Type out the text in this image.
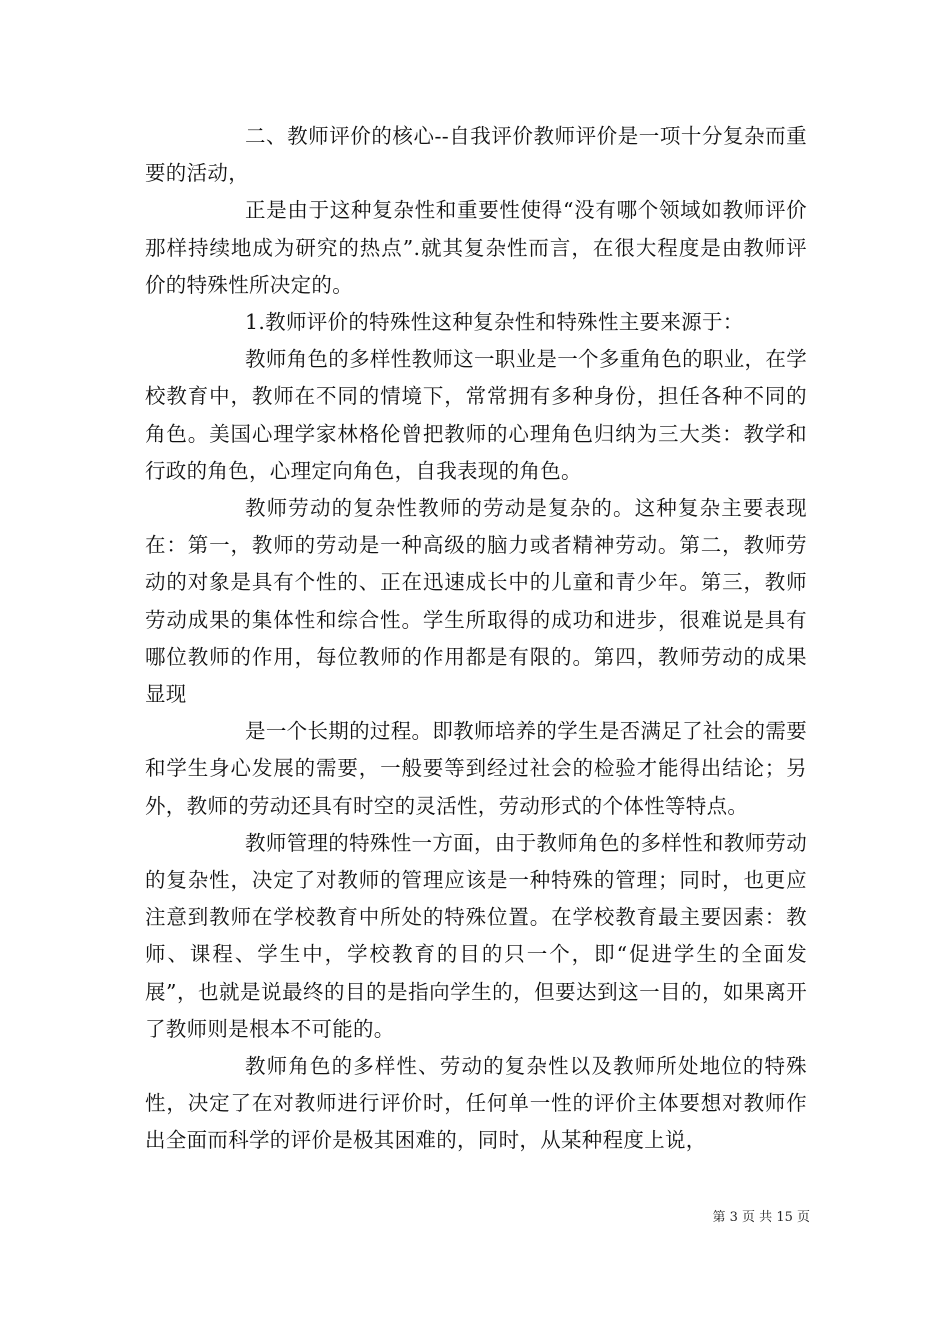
二、教师评价的核心--自我评价教师评价是一项十分复杂而重要的活动，

正是由于这种复杂性和重要性使得“没有哪个领域如教师评价那样持续地成为研究的热点”.就其复杂性而言，在很大程度是由教师评价的特殊性所决定的。

1.教师评价的特殊性这种复杂性和特殊性主要来源于：

教师角色的多样性教师这一职业是一个多重角色的职业，在学校教育中，教师在不同的情境下，常常拥有多种身份，担任各种不同的角色。美国心理学家林格伦曾把教师的心理角色归纳为三大类：教学和行政的角色，心理定向角色，自我表现的角色。

教师劳动的复杂性教师的劳动是复杂的。这种复杂主要表现在：第一，教师的劳动是一种高级的脑力或者精神劳动。第二，教师劳动的对象是具有个性的、正在迅速成长中的儿童和青少年。第三，教师劳动成果的集体性和综合性。学生所取得的成功和进步，很难说是具有哪位教师的作用，每位教师的作用都是有限的。第四，教师劳动的成果显现

是一个长期的过程。即教师培养的学生是否满足了社会的需要和学生身心发展的需要，一般要等到经过社会的检验才能得出结论；另外，教师的劳动还具有时空的灵活性，劳动形式的个体性等特点。

教师管理的特殊性一方面，由于教师角色的多样性和教师劳动的复杂性，决定了对教师的管理应该是一种特殊的管理；同时，也更应注意到教师在学校教育中所处的特殊位置。在学校教育最主要因素：教师、课程、学生中，学校教育的目的只一个，即“促进学生的全面发展”，也就是说最终的目的是指向学生的，但要达到这一目的，如果离开了教师则是根本不可能的。

教师角色的多样性、劳动的复杂性以及教师所处地位的特殊性，决定了在对教师进行评价时，任何单一性的评价主体要想对教师作出全面而科学的评价是极其困难的，同时，从某种程度上说，

第 3 页 共 15 页
